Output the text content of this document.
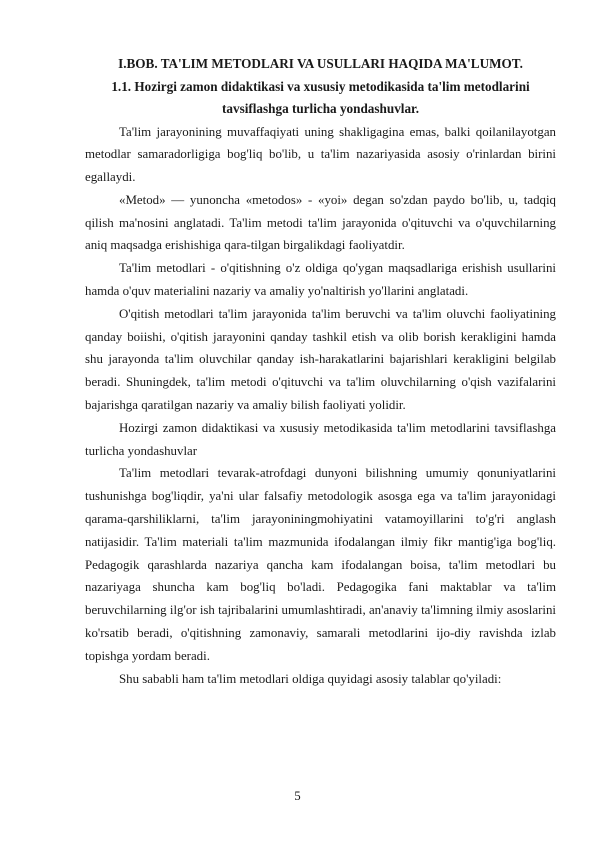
I.BOB. TA'LIM METODLARI VA USULLARI HAQIDA MA'LUMOT.
1.1. Hozirgi zamon didaktikasi va xususiy metodikasida ta'lim metodlarini tavsiflashga turlicha yondashuvlar.

Ta'lim jarayonining muvaffaqiyati uning shakligagina emas, balki qoilanilayotgan metodlar samaradorligiga bog'liq bo'lib, u ta'lim nazariyasida asosiy o'rinlardan birini egallaydi.

«Metod» — yunoncha «metodos» - «yoi» degan so'zdan paydo bo'lib, u, tadqiq qilish ma'nosini anglatadi. Ta'lim metodi ta'lim jarayonida o'qituvchi va o'quvchilarning aniq maqsadga erishishiga qara-tilgan birgalikdagi faoliyatdir.

Ta'lim metodlari - o'qitishning o'z oldiga qo'ygan maqsadlariga erishish usullarini hamda o'quv materialini nazariy va amaliy yo'naltirish yo'llarini anglatadi.

O'qitish metodlari ta'lim jarayonida ta'lim beruvchi va ta'lim oluvchi faoliyatining qanday boiishi, o'qitish jarayonini qanday tashkil etish va olib borish kerakligini hamda shu jarayonda ta'lim oluvchilar qanday ish-harakatlarini bajarishlari kerakligini belgilab beradi. Shuningdek, ta'lim metodi o'qituvchi va ta'lim oluvchilarning o'qish vazifalarini bajarishga qaratilgan nazariy va amaliy bilish faoliyati yolidir.

Hozirgi zamon didaktikasi va xususiy metodikasida ta'lim metodlarini tavsiflashga turlicha yondashuvlar

Ta'lim metodlari tevarak-atrofdagi dunyoni bilishning umumiy qonuniyatlarini tushunishga bog'liqdir, ya'ni ular falsafiy metodologik asosga ega va ta'lim jarayonidagi qarama-qarshiliklarni, ta'lim jarayoniningmohiyatini vatamoyillarini to'g'ri anglash natijasidir. Ta'lim materiali ta'lim mazmunida ifodalangan ilmiy fikr mantig'iga bog'liq. Pedagogik qarashlarda nazariya qancha kam ifodalangan boisa, ta'lim metodlari bu nazariyaga shuncha kam bog'liq bo'ladi. Pedagogika fani maktablar va ta'lim beruvchilarning ilg'or ish tajribalarini umumlashtiradi, an'anaviy ta'limning ilmiy asoslarini ko'rsatib beradi, o'qitishning zamonaviy, samarali metodlarini ijo-diy ravishda izlab topishga yordam beradi.

Shu sababli ham ta'lim metodlari oldiga quyidagi asosiy talablar qo'yiladi:

5
